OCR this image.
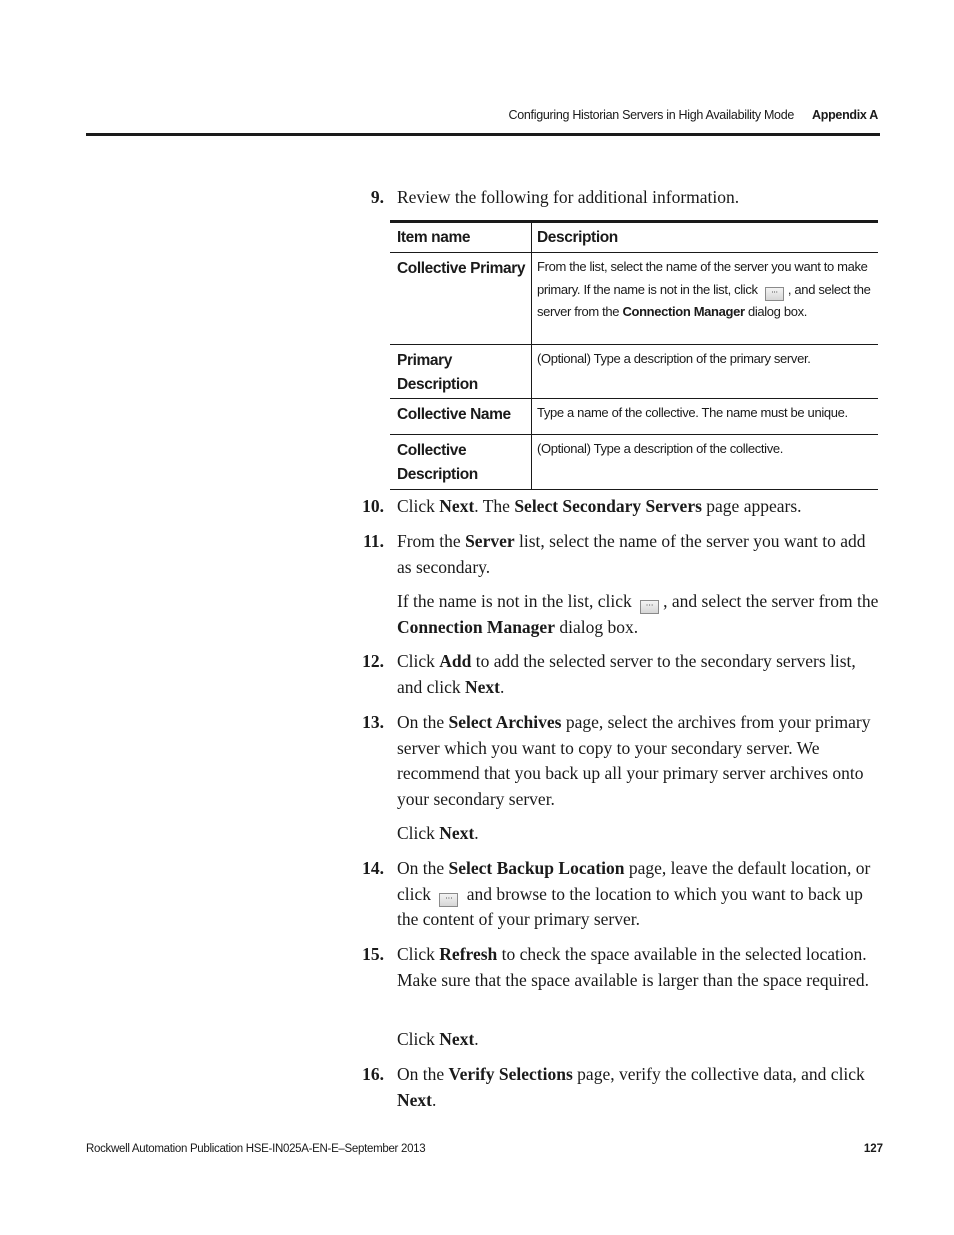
Configuring Historian Servers in High Availability Mode Appendix A
9. Review the following for additional information.
Item name	Description
Collective Primary	From the list, select the name of the server you want to make primary. If the name is not in the list, click ··· , and select the server from the Connection Manager dialog box.
Primary Description	(Optional) Type a description of the primary server.
Collective Name	Type a name of the collective. The name must be unique.
Collective Description	(Optional) Type a description of the collective.
10. Click Next. The Select Secondary Servers page appears.
11. From the Server list, select the name of the server you want to add as secondary.
If the name is not in the list, click ··· , and select the server from the Connection Manager dialog box.
12. Click Add to add the selected server to the secondary servers list, and click Next.
13. On the Select Archives page, select the archives from your primary server which you want to copy to your secondary server. We recommend that you back up all your primary server archives onto your secondary server.
Click Next.
14. On the Select Backup Location page, leave the default location, or click ··· and browse to the location to which you want to back up the content of your primary server.
15. Click Refresh to check the space available in the selected location. Make sure that the space available is larger than the space required.
Click Next.
16. On the Verify Selections page, verify the collective data, and click Next.
Rockwell Automation Publication HSE-IN025A-EN-E–September 2013	127
